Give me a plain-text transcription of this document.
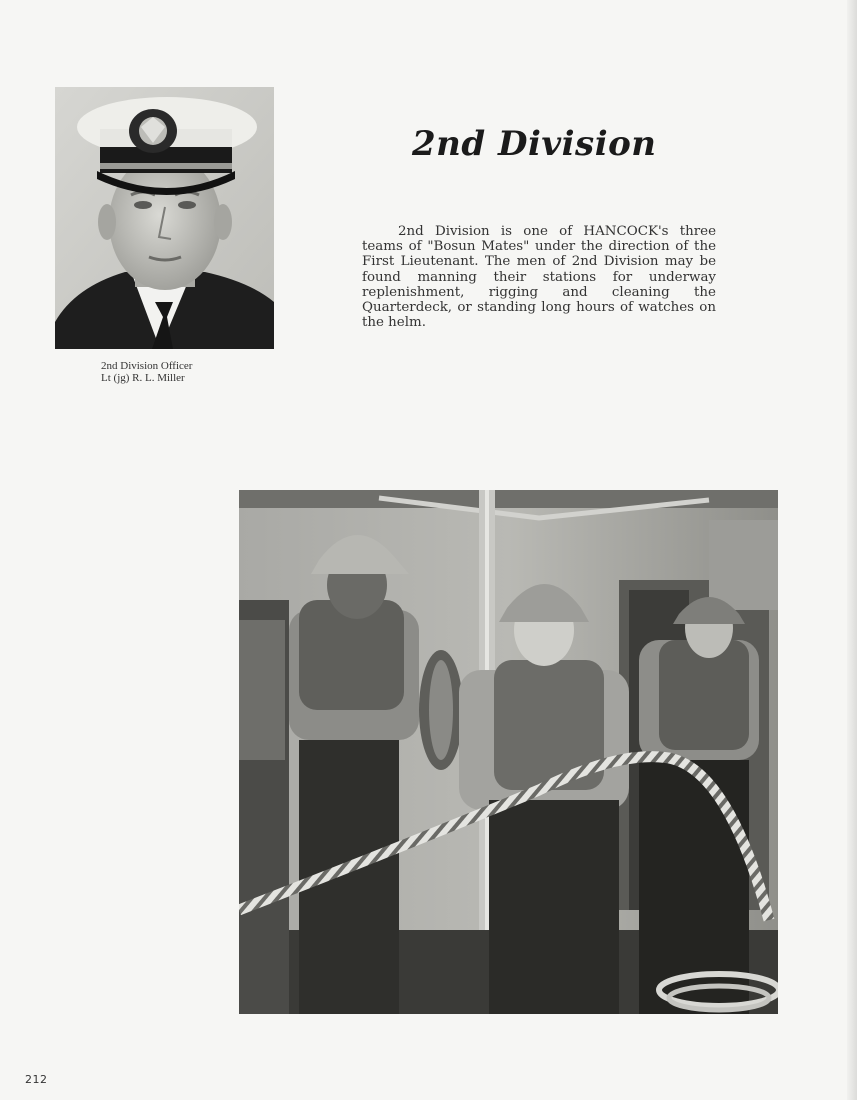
2nd Division Officer
Lt (jg) R. L. Miller
2nd Division
2nd Division is one of HANCOCK's three teams of "Bosun Mates" under the direction of the First Lieutenant. The men of 2nd Division may be found manning their stations for underway replenishment, rigging and cleaning the Quarterdeck, or standing long hours of watches on the helm.
212
